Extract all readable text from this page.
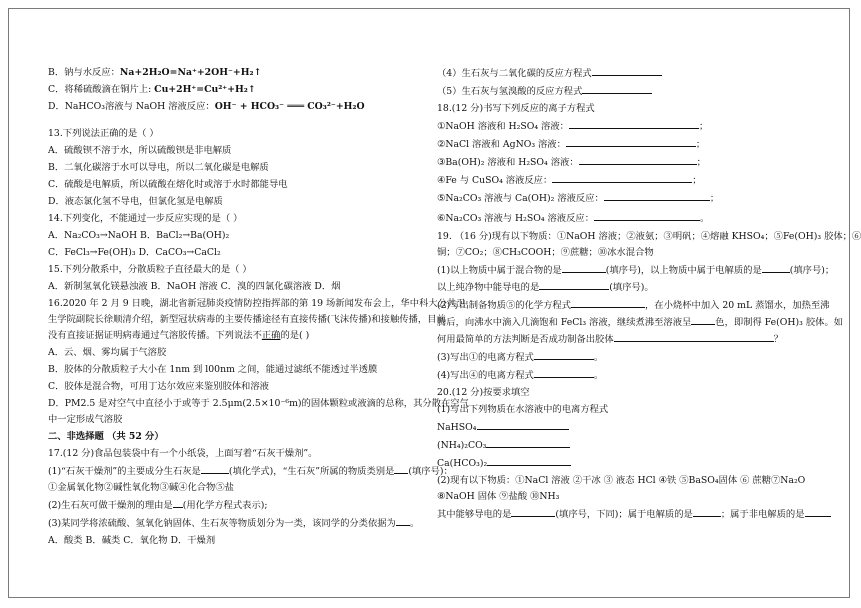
B．钠与水反应：Na+2H₂O=Na⁺+2OH⁻+H₂↑
C．将稀硫酸滴在铜片上: Cu+2H⁺=Cu²⁺+H₂↑
D．NaHCO₃溶液与 NaOH 溶液反应：OH⁻ + HCO₃⁻ ═══ CO₃²⁻+H₂O
13.下列说法正确的是（ ）
A．硫酸钡不溶于水，所以硫酸钡是非电解质
B．二氧化碳溶于水可以导电，所以二氧化碳是电解质
C．硫酸是电解质，所以硫酸在熔化时或溶于水时都能导电
D．液态氯化氢不导电，但氯化氢是电解质
14.下列变化，不能通过一步反应实现的是（ ）
A．Na₂CO₃→NaOH B．BaCl₂→Ba(OH)₂
C．FeCl₃→Fe(OH)₃ D．CaCO₃→CaCl₂
15.下列分散系中，分散质粒子直径最大的是（ ）
A．新制氢氧化镁悬浊液 B．NaOH 溶液 C．溴的四氯化碳溶液 D．烟
16.2020 年 2 月 9 日晚，湖北省新冠肺炎疫情防控指挥部的第 19 场新闻发布会上，华中科大公共卫
生学院副院长徐顺清介绍，新型冠状病毒的主要传播途径有直接传播(飞沫传播)和接触传播，目前
没有直接证据证明病毒通过气溶胶传播。下列说法不正确的是( )
A．云、烟、雾均属于气溶胶
B．胶体的分散质粒子大小在 1nm 到 l00nm 之间，能通过滤纸不能透过半透膜
C．胶体是混合物，可用丁达尔效应来鉴别胶体和溶液
D．PM2.5 是对空气中直径小于或等于 2.5μm(2.5×10⁻⁶m)的固体颗粒或液滴的总称，其分散在空气
中一定形成气溶胶
二、非选择题 （共 52 分）
17.(12 分)食品包装袋中有一个小纸袋，上面写着“石灰干燥剂”。
(1)“石灰干燥剂”的主要成分生石灰是	(填化学式)，“生石灰”所属的物质类别是 (填序号)：
①金属氧化物②碱性氧化物③碱④化合物⑤盐
(2)生石灰可做干燥剂的理由是 (用化学方程式表示);
(3)某同学将浓硫酸、氢氧化钠固体、生石灰等物质划分为一类，该同学的分类依据为 。
A．酸类 B．碱类 C．氧化物 D．干燥剂
（4）生石灰与二氧化碳的反应方程式
（5）生石灰与氢溴酸的反应方程式
18.(12 分)书写下列反应的离子方程式
①NaOH 溶液和 H₂SO₄ 溶液：	；
②NaCl 溶液和 AgNO₃ 溶液：	；
③Ba(OH)₂ 溶液和 H₂SO₄ 溶液：	；
④Fe 与 CuSO₄ 溶液反应：	；
⑤Na₂CO₃ 溶液与 Ca(OH)₂ 溶液反应：	；
⑥Na₂CO₃ 溶液与 H₂SO₄ 溶液反应：	。
19. （16 分)现有以下物质：①NaOH 溶液；②液氨；③明矾；④熔融 KHSO₄；⑤Fe(OH)₃ 胶体；⑥
铜；⑦CO₂；⑧CH₃COOH；⑨蔗糖；⑩冰水混合物
(1)以上物质中属于混合物的是	(填序号)，以上物质中属于电解质的是	(填序号)；
以上纯净物中能导电的是	(填序号)。
(2)写出制备物质⑤的化学方程式	，在小烧杯中加入 20 mL 蒸馏水，加热至沸
腾后，向沸水中滴入几滴饱和 FeCl₃ 溶液，继续煮沸至溶液呈	色，即制得 Fe(OH)₃ 胶体。如
何用最简单的方法判断是否成功制备出胶体	？
(3)写出①的电离方程式	。
(4)写出④的电离方程式	。
20.(12 分)按要求填空
(1)写出下列物质在水溶液中的电离方程式
NaHSO₄
(NH₄)₂CO₃
Ca(HCO₃)₂
(2)现有以下物质：①NaCl 溶液 ②干冰 ③ 液态 HCl ④铁 ⑤BaSO₄固体 ⑥ 蔗糖⑦Na₂O
⑧NaOH 固体 ⑨盐酸 ⑩NH₃
其中能够导电的是	(填序号，下同)；属于电解质的是	；属于非电解质的是
